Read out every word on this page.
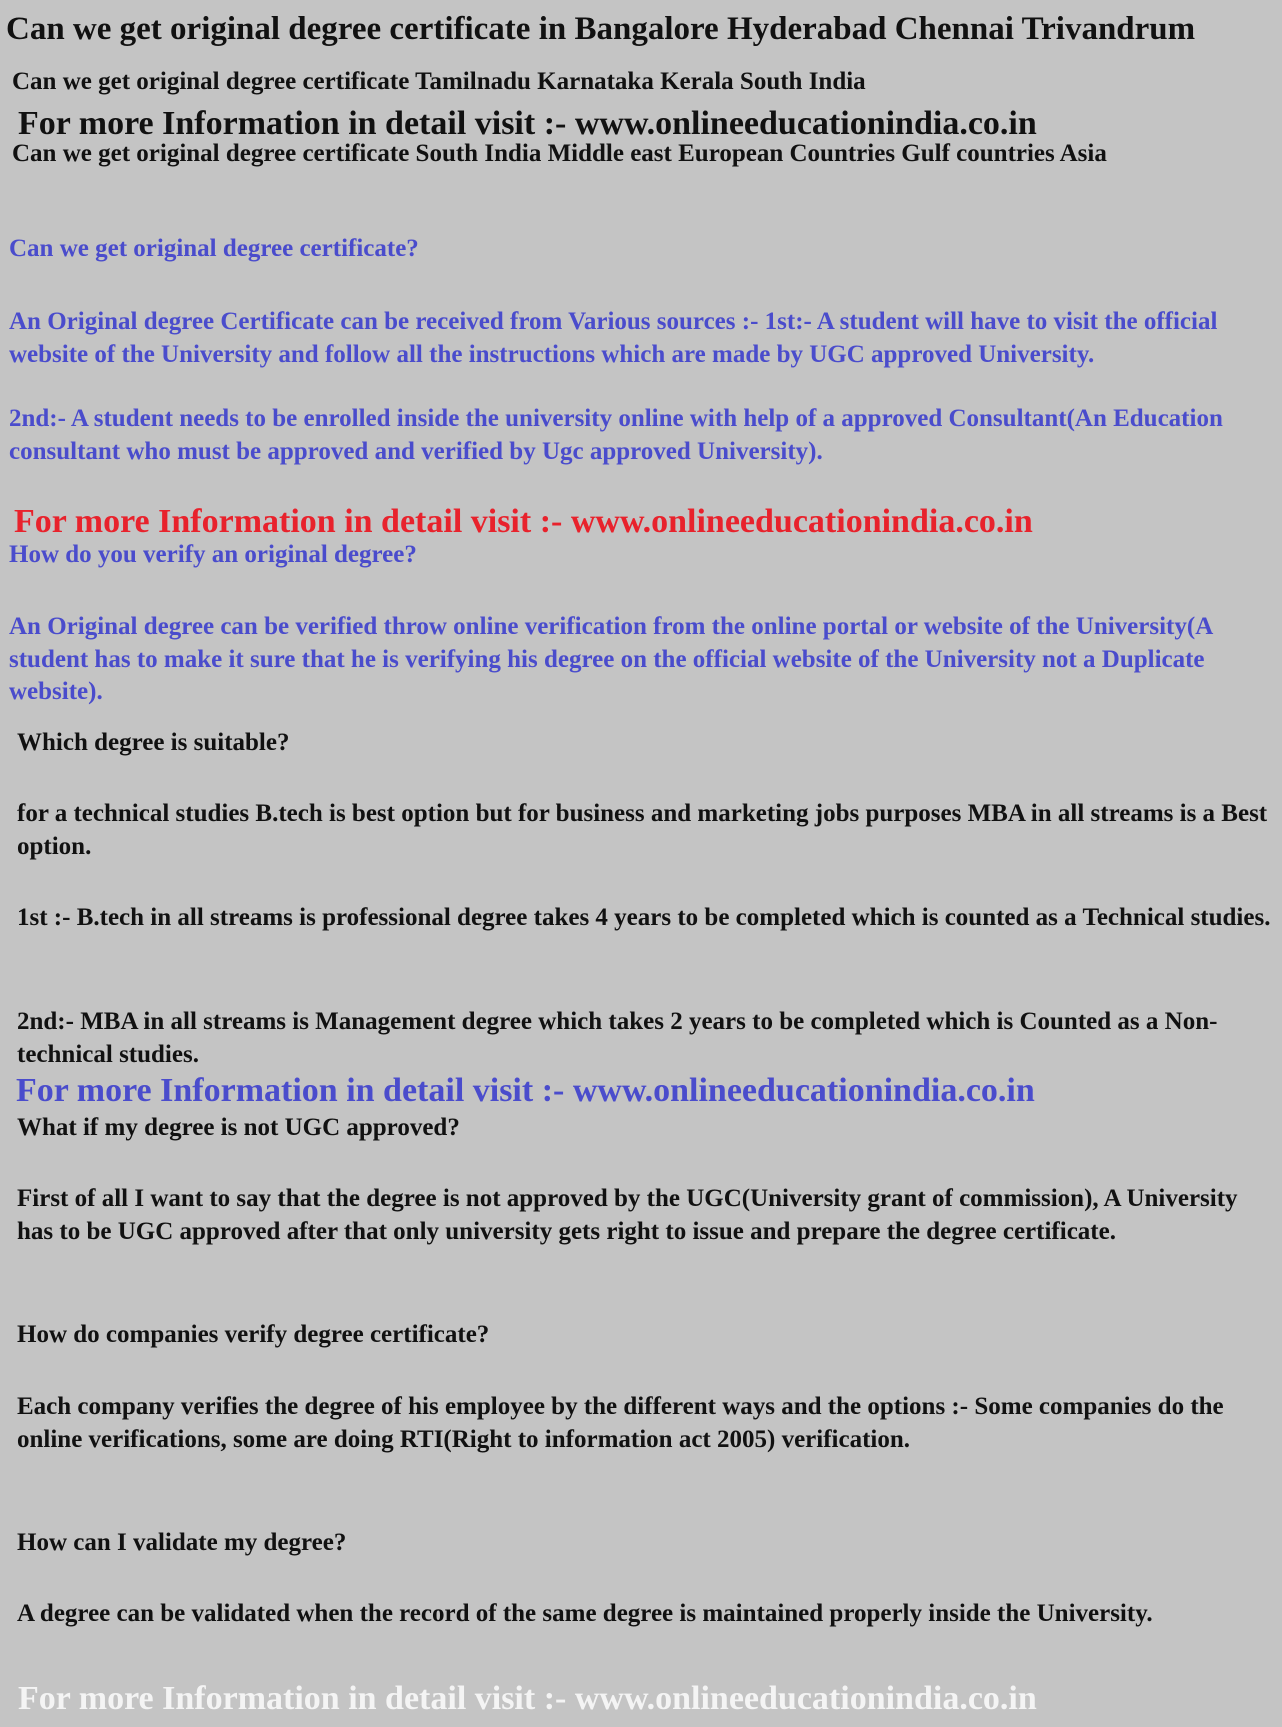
Can we get original degree certificate in Bangalore Hyderabad Chennai Trivandrum

Can we get original degree certificate Tamilnadu Karnataka Kerala South India

For more Information in detail visit :- www.onlineeducationindia.co.in

Can we get original degree certificate South India Middle east European Countries Gulf countries Asia

Can we get original degree certificate?

An Original degree Certificate can be received from Various sources :- 1st:- A student will have to visit the official website of the University and follow all the instructions which are made by UGC approved University.

2nd:- A student needs to be enrolled inside the university online with help of a approved Consultant(An Education consultant who must be approved and verified by Ugc approved University).

For more Information in detail visit :- www.onlineeducationindia.co.in

How do you verify an original degree?

An Original degree can be verified throw online verification from the online portal or website of the University(A student has to make it sure that he is verifying his degree on the official website of the University not a Duplicate website).

Which degree is suitable?

for a technical studies B.tech is best option but for business and marketing jobs purposes MBA in all streams is a Best option.

1st :- B.tech in all streams is professional degree takes 4 years to be completed which is counted as a Technical studies.

2nd:- MBA in all streams is Management degree which takes 2 years to be completed which is Counted as a Non-technical studies.

For more Information in detail visit :- www.onlineeducationindia.co.in

What if my degree is not UGC approved?

First of all I want to say that the degree is not approved by the UGC(University grant of commission), A University has to be UGC approved after that only university gets right to issue and prepare the degree certificate.

How do companies verify degree certificate?

Each company verifies the degree of his employee by the different ways and the options :- Some companies do the online verifications, some are doing RTI(Right to information act 2005) verification.

How can I validate my degree?

A degree can be validated when the record of the same degree is maintained properly inside the University.

For more Information in detail visit :- www.onlineeducationindia.co.in
